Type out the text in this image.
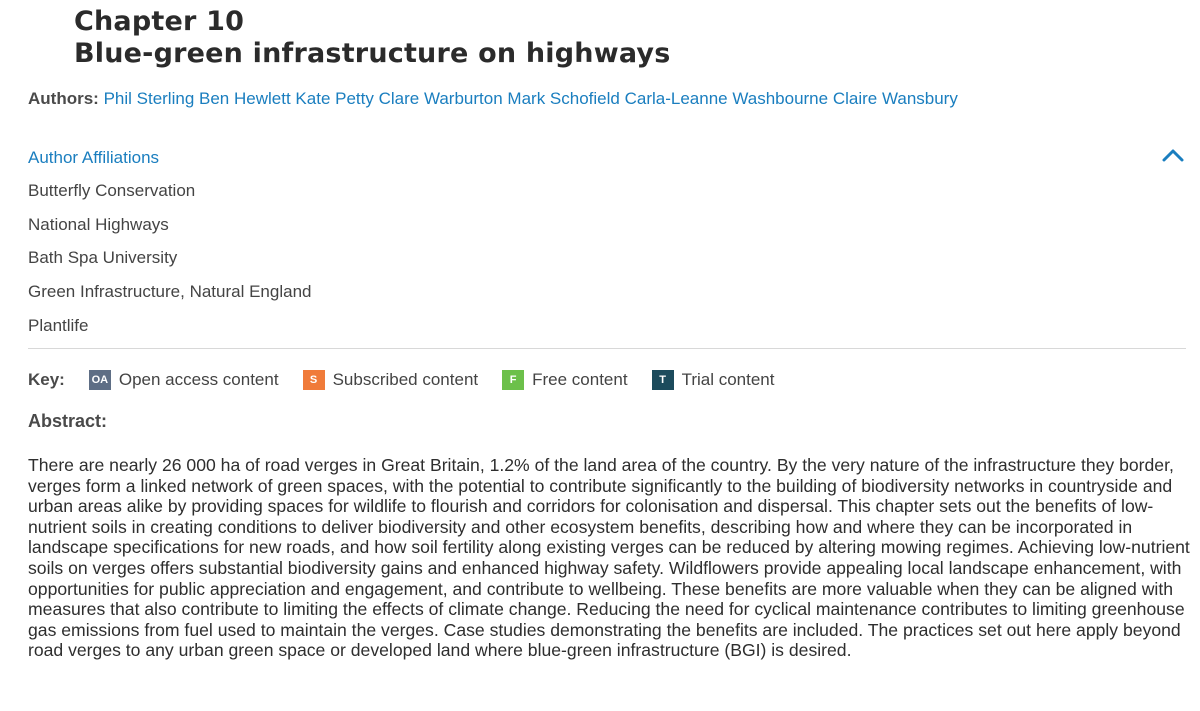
Chapter 10
Blue-green infrastructure on highways
Authors: Phil Sterling Ben Hewlett Kate Petty Clare Warburton Mark Schofield Carla-Leanne Washbourne Claire Wansbury
Author Affiliations
Butterfly Conservation
National Highways
Bath Spa University
Green Infrastructure, Natural England
Plantlife
Key: OA Open access content	S Subscribed content	F Free content	T Trial content
Abstract:

There are nearly 26 000 ha of road verges in Great Britain, 1.2% of the land area of the country. By the very nature of the infrastructure they border, verges form a linked network of green spaces, with the potential to contribute significantly to the building of biodiversity networks in countryside and urban areas alike by providing spaces for wildlife to flourish and corridors for colonisation and dispersal. This chapter sets out the benefits of low-nutrient soils in creating conditions to deliver biodiversity and other ecosystem benefits, describing how and where they can be incorporated in landscape specifications for new roads, and how soil fertility along existing verges can be reduced by altering mowing regimes. Achieving low-nutrient soils on verges offers substantial biodiversity gains and enhanced highway safety. Wildflowers provide appealing local landscape enhancement, with opportunities for public appreciation and engagement, and contribute to wellbeing. These benefits are more valuable when they can be aligned with measures that also contribute to limiting the effects of climate change. Reducing the need for cyclical maintenance contributes to limiting greenhouse gas emissions from fuel used to maintain the verges. Case studies demonstrating the benefits are included. The practices set out here apply beyond road verges to any urban green space or developed land where blue-green infrastructure (BGI) is desired.
